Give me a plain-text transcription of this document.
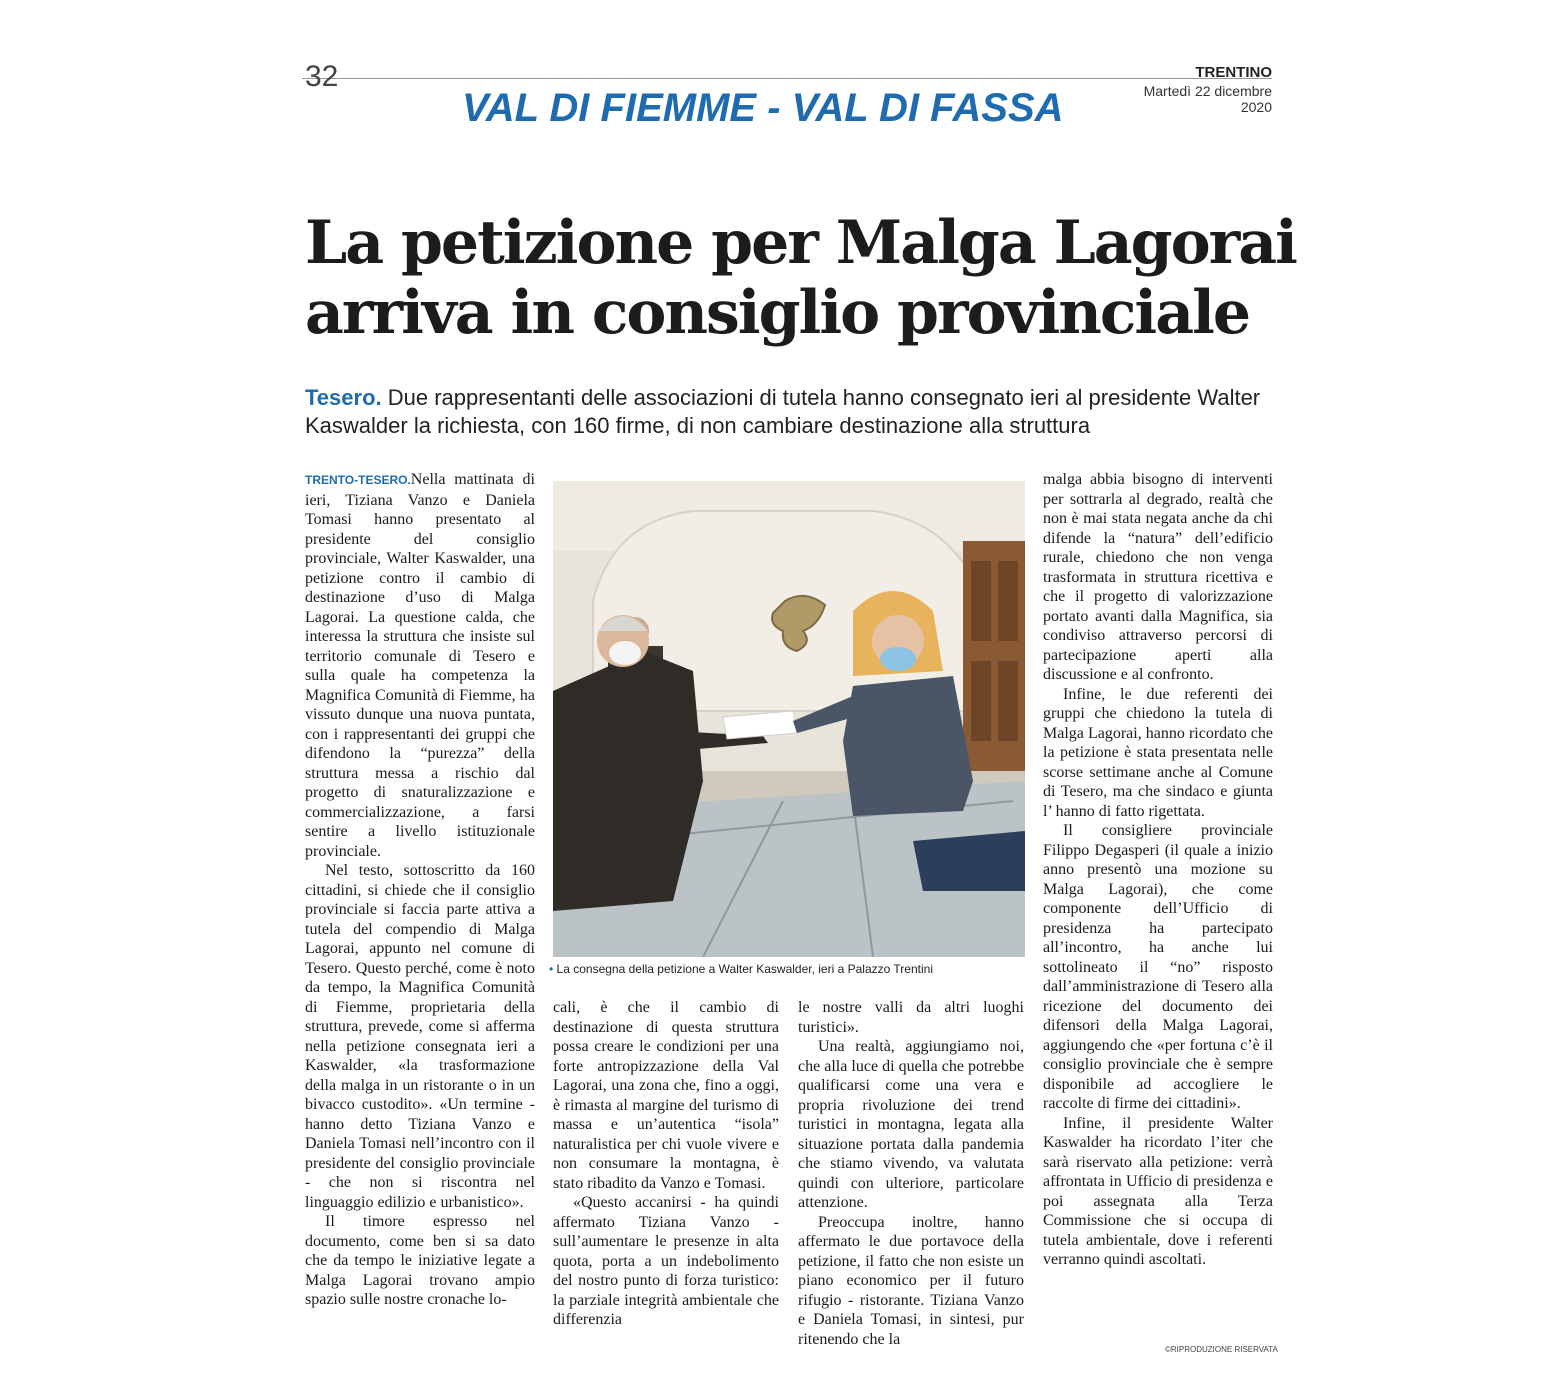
32
VAL DI FIEMME - VAL DI FASSA
TRENTINO
Martedì 22 dicembre 2020
La petizione per Malga Lagorai
arriva in consiglio provinciale
Tesero. Due rappresentanti delle associazioni di tutela hanno consegnato ieri al presidente Walter Kaswalder la richiesta, con 160 firme, di non cambiare destinazione alla struttura

TRENTO-TESERO.Nella mattinata di ieri, Tiziana Vanzo e Daniela Tomasi hanno presentato al presidente del consiglio provinciale, Walter Kaswalder, una petizione contro il cambio di destinazione d’uso di Malga Lagorai. La questione calda, che interessa la struttura che insiste sul territorio comunale di Tesero e sulla quale ha competenza la Magnifica Comunità di Fiemme, ha vissuto dunque una nuova puntata, con i rappresentanti dei gruppi che difendono la “purezza” della struttura messa a rischio dal progetto di snaturalizzazione e commercializzazione, a farsi sentire a livello istituzionale provinciale.

Nel testo, sottoscritto da 160 cittadini, si chiede che il consiglio provinciale si faccia parte attiva a tutela del compendio di Malga Lagorai, appunto nel comune di Tesero. Questo perché, come è noto da tempo, la Magnifica Comunità di Fiemme, proprietaria della struttura, prevede, come si afferma nella petizione consegnata ieri a Kaswalder, «la trasformazione della malga in un ristorante o in un bivacco custodito». «Un termine - hanno detto Tiziana Vanzo e Daniela Tomasi nell’incontro con il presidente del consiglio provinciale - che non si riscontra nel linguaggio edilizio e urbanistico».

Il timore espresso nel documento, come ben si sa dato che da tempo le iniziative legate a Malga Lagorai trovano ampio spazio sulle nostre cronache lo-

• La consegna della petizione a Walter Kaswalder, ieri a Palazzo Trentini

cali, è che il cambio di destinazione di questa struttura possa creare le condizioni per una forte antropizzazione della Val Lagorai, una zona che, fino a oggi, è rimasta al margine del turismo di massa e un’autentica “isola” naturalistica per chi vuole vivere e non consumare la montagna, è stato ribadito da Vanzo e Tomasi.

«Questo accanirsi - ha quindi affermato Tiziana Vanzo - sull’aumentare le presenze in alta quota, porta a un indebolimento del nostro punto di forza turistico: la parziale integrità ambientale che differenzia

le nostre valli da altri luoghi turistici».

Una realtà, aggiungiamo noi, che alla luce di quella che potrebbe qualificarsi come una vera e propria rivoluzione dei trend turistici in montagna, legata alla situazione portata dalla pandemia che stiamo vivendo, va valutata quindi con ulteriore, particolare attenzione.

Preoccupa inoltre, hanno affermato le due portavoce della petizione, il fatto che non esiste un piano economico per il futuro rifugio - ristorante. Tiziana Vanzo e Daniela Tomasi, in sintesi, pur ritenendo che la

malga abbia bisogno di interventi per sottrarla al degrado, realtà che non è mai stata negata anche da chi difende la “natura” dell’edificio rurale, chiedono che non venga trasformata in struttura ricettiva e che il progetto di valorizzazione portato avanti dalla Magnifica, sia condiviso attraverso percorsi di partecipazione aperti alla discussione e al confronto.

Infine, le due referenti dei gruppi che chiedono la tutela di Malga Lagorai, hanno ricordato che la petizione è stata presentata nelle scorse settimane anche al Comune di Tesero, ma che sindaco e giunta l’ hanno di fatto rigettata.

Il consigliere provinciale Filippo Degasperi (il quale a inizio anno presentò una mozione su Malga Lagorai), che come componente dell’Ufficio di presidenza ha partecipato all’incontro, ha anche lui sottolineato il “no” risposto dall’amministrazione di Tesero alla ricezione del documento dei difensori della Malga Lagorai, aggiungendo che «per fortuna c’è il consiglio provinciale che è sempre disponibile ad accogliere le raccolte di firme dei cittadini».

Infine, il presidente Walter Kaswalder ha ricordato l’iter che sarà riservato alla petizione: verrà affrontata in Ufficio di presidenza e poi assegnata alla Terza Commissione che si occupa di tutela ambientale, dove i referenti verranno quindi ascoltati.

©RIPRODUZIONE RISERVATA
